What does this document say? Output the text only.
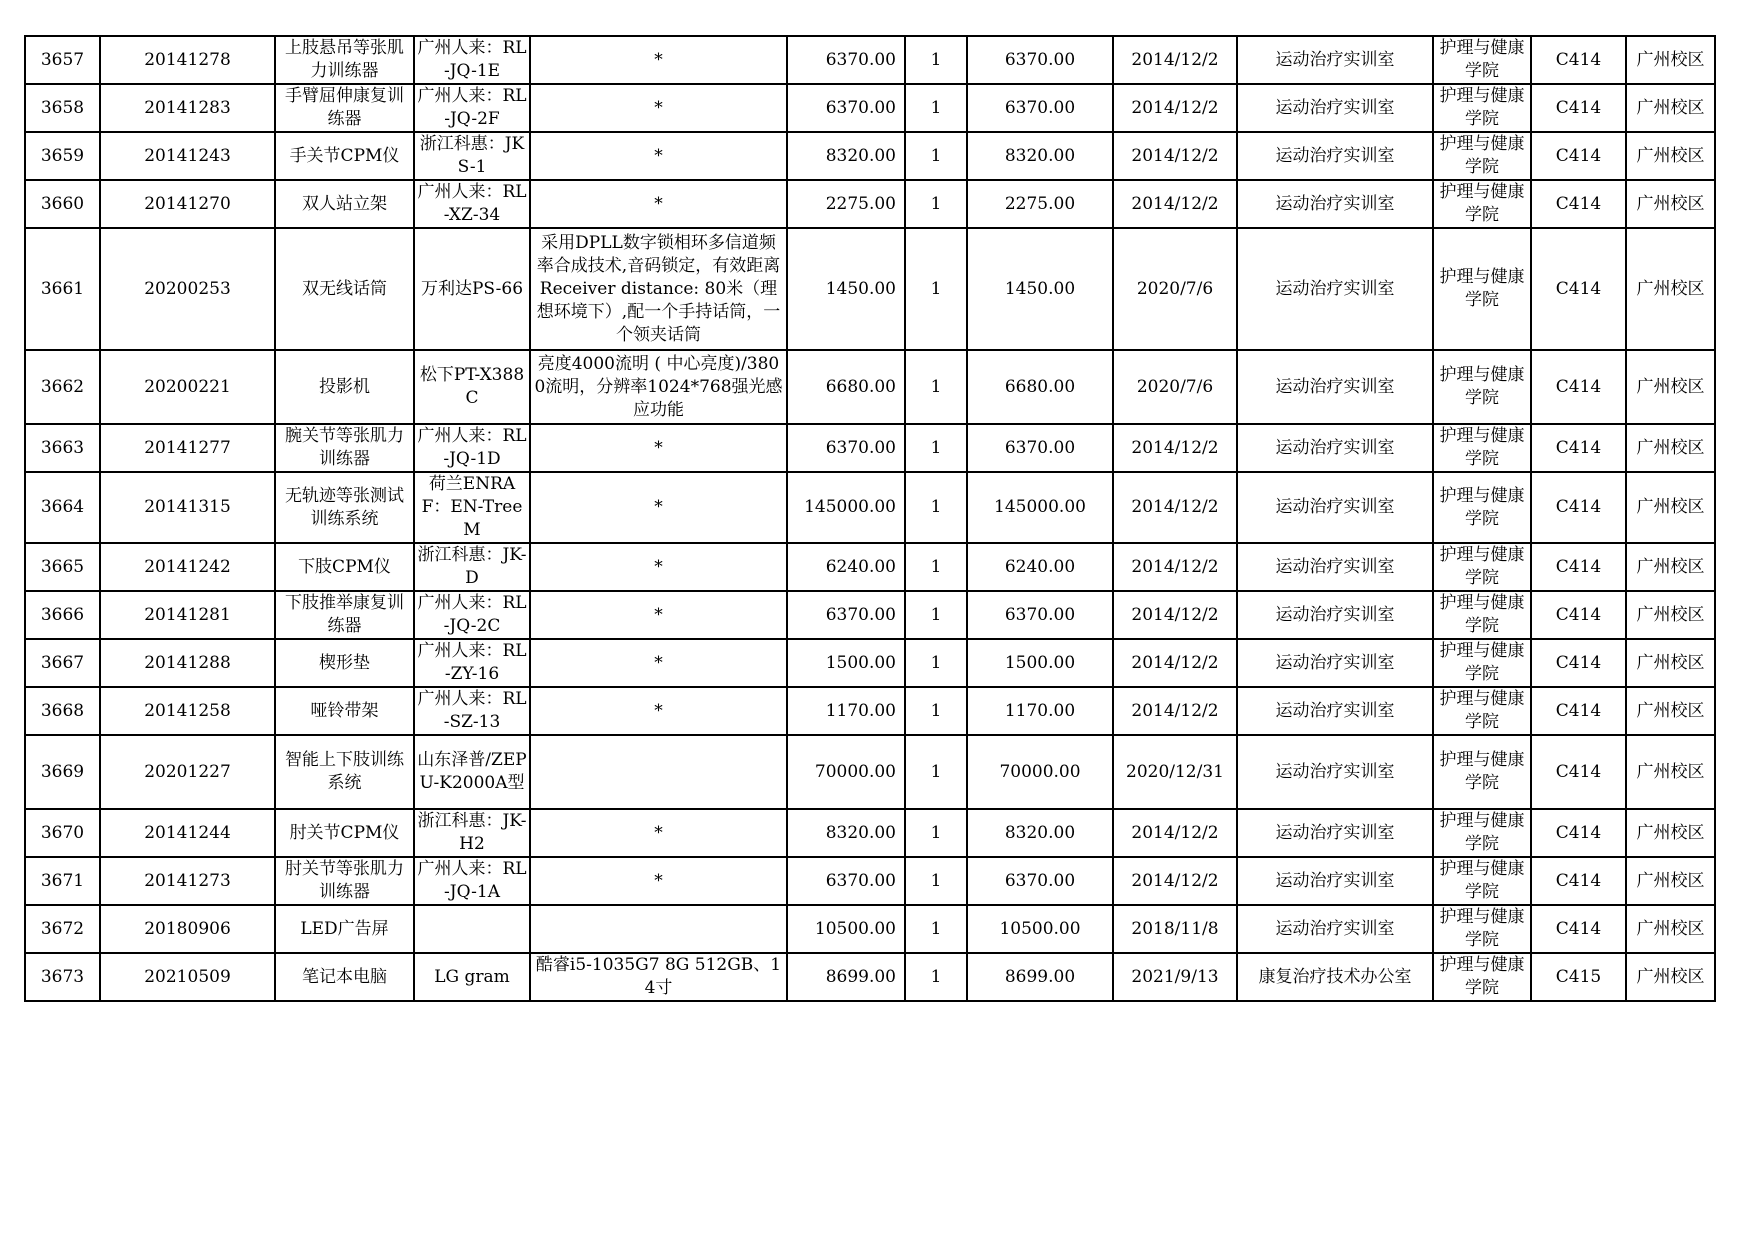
3657	20141278	上肢悬吊等张肌力训练器	广州人来：RL-JQ-1E	*	6370.00	1	6370.00	2014/12/2	运动治疗实训室	护理与健康学院	C414	广州校区
3658	20141283	手臂屈伸康复训练器	广州人来：RL-JQ-2F	*	6370.00	1	6370.00	2014/12/2	运动治疗实训室	护理与健康学院	C414	广州校区
3659	20141243	手关节CPM仪	浙江科惠：JKS-1	*	8320.00	1	8320.00	2014/12/2	运动治疗实训室	护理与健康学院	C414	广州校区
3660	20141270	双人站立架	广州人来：RL-XZ-34	*	2275.00	1	2275.00	2014/12/2	运动治疗实训室	护理与健康学院	C414	广州校区
3661	20200253	双无线话筒	万利达PS-66	采用DPLL数字锁相环多信道频率合成技术,音码锁定，有效距离Receiver distance: 80米（理想环境下）,配一个手持话筒，一个领夹话筒	1450.00	1	1450.00	2020/7/6	运动治疗实训室	护理与健康学院	C414	广州校区
3662	20200221	投影机	松下PT-X388C	亮度4000流明 ( 中心亮度)/3800流明，分辨率1024*768强光感应功能	6680.00	1	6680.00	2020/7/6	运动治疗实训室	护理与健康学院	C414	广州校区
3663	20141277	腕关节等张肌力训练器	广州人来：RL-JQ-1D	*	6370.00	1	6370.00	2014/12/2	运动治疗实训室	护理与健康学院	C414	广州校区
3664	20141315	无轨迹等张测试训练系统	荷兰ENRAF：EN-TreeM	*	145000.00	1	145000.00	2014/12/2	运动治疗实训室	护理与健康学院	C414	广州校区
3665	20141242	下肢CPM仪	浙江科惠：JK-D	*	6240.00	1	6240.00	2014/12/2	运动治疗实训室	护理与健康学院	C414	广州校区
3666	20141281	下肢推举康复训练器	广州人来：RL-JQ-2C	*	6370.00	1	6370.00	2014/12/2	运动治疗实训室	护理与健康学院	C414	广州校区
3667	20141288	楔形垫	广州人来：RL-ZY-16	*	1500.00	1	1500.00	2014/12/2	运动治疗实训室	护理与健康学院	C414	广州校区
3668	20141258	哑铃带架	广州人来：RL-SZ-13	*	1170.00	1	1170.00	2014/12/2	运动治疗实训室	护理与健康学院	C414	广州校区
3669	20201227	智能上下肢训练系统	山东泽普/ZEPU-K2000A型		70000.00	1	70000.00	2020/12/31	运动治疗实训室	护理与健康学院	C414	广州校区
3670	20141244	肘关节CPM仪	浙江科惠：JK-H2	*	8320.00	1	8320.00	2014/12/2	运动治疗实训室	护理与健康学院	C414	广州校区
3671	20141273	肘关节等张肌力训练器	广州人来：RL-JQ-1A	*	6370.00	1	6370.00	2014/12/2	运动治疗实训室	护理与健康学院	C414	广州校区
3672	20180906	LED广告屏			10500.00	1	10500.00	2018/11/8	运动治疗实训室	护理与健康学院	C414	广州校区
3673	20210509	笔记本电脑	LG gram	酷睿i5-1035G7 8G 512GB、14寸	8699.00	1	8699.00	2021/9/13	康复治疗技术办公室	护理与健康学院	C415	广州校区
